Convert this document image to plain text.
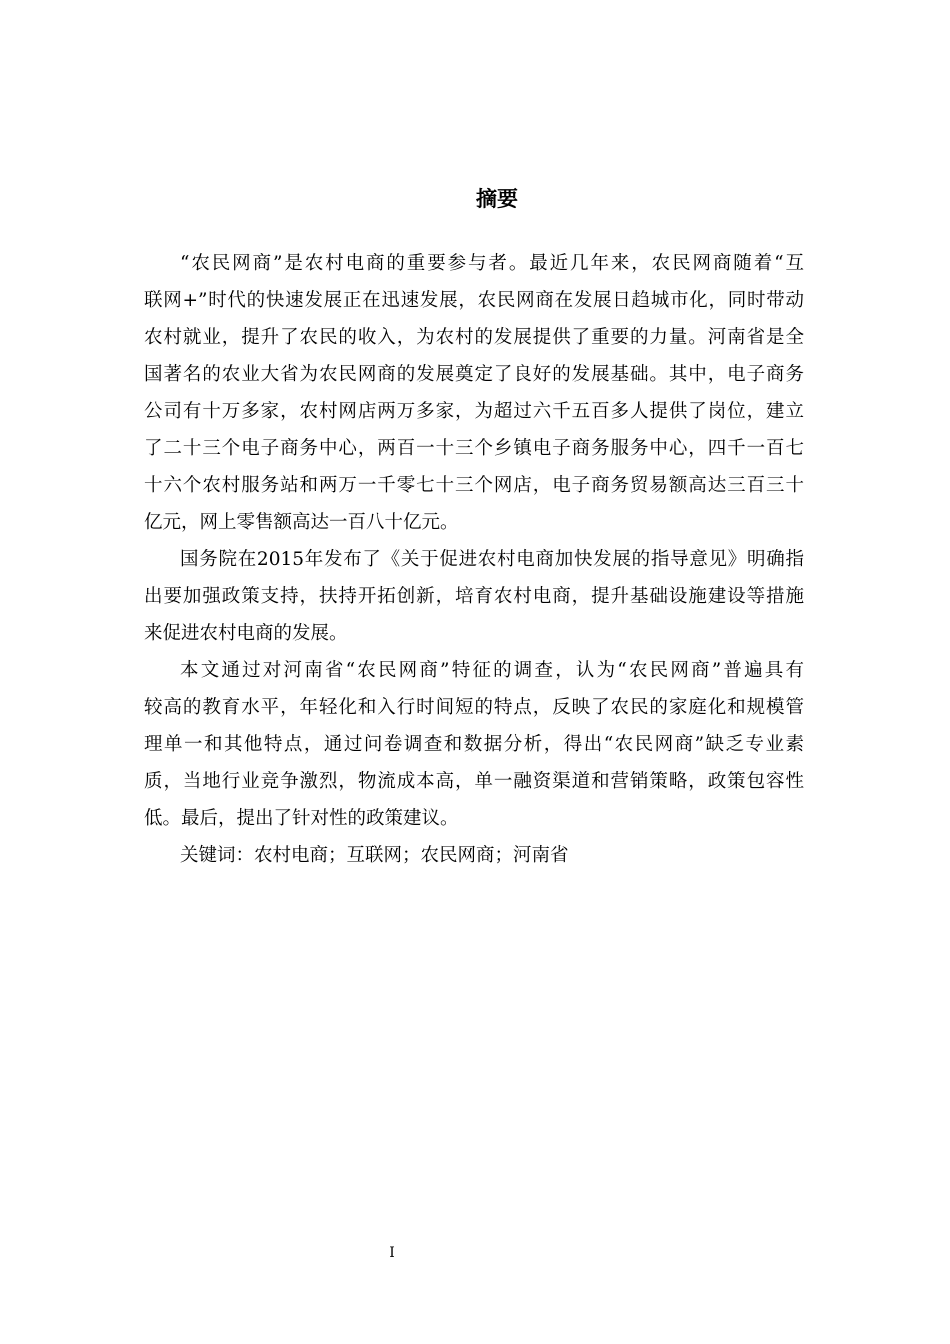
摘要
“农民网商”是农村电商的重要参与者。最近几年来，农民网商随着“互
联网+”时代的快速发展正在迅速发展，农民网商在发展日趋城市化，同时带动
农村就业，提升了农民的收入，为农村的发展提供了重要的力量。河南省是全
国著名的农业大省为农民网商的发展奠定了良好的发展基础。其中，电子商务
公司有十万多家，农村网店两万多家，为超过六千五百多人提供了岗位，建立
了二十三个电子商务中心，两百一十三个乡镇电子商务服务中心，四千一百七
十六个农村服务站和两万一千零七十三个网店，电子商务贸易额高达三百三十
亿元，网上零售额高达一百八十亿元。
国务院在2015年发布了《关于促进农村电商加快发展的指导意见》明确指
出要加强政策支持，扶持开拓创新，培育农村电商，提升基础设施建设等措施
来促进农村电商的发展。
本文通过对河南省“农民网商”特征的调查，认为“农民网商”普遍具有
较高的教育水平，年轻化和入行时间短的特点，反映了农民的家庭化和规模管
理单一和其他特点，通过问卷调查和数据分析，得出“农民网商”缺乏专业素
质，当地行业竞争激烈，物流成本高，单一融资渠道和营销策略，政策包容性
低。最后，提出了针对性的政策建议。
关键词：农村电商；互联网；农民网商；河南省
I
